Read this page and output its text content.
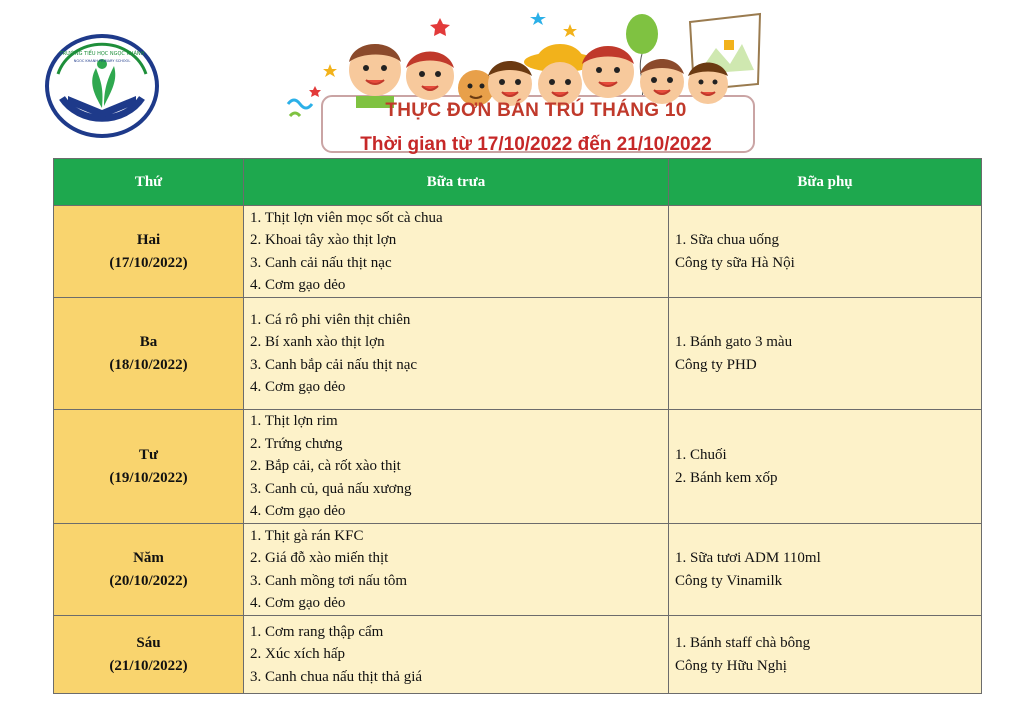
TRƯỜNG TIỂU HỌC NGỌC KHÁNH
NGOC KHANH PRIMARY SCHOOL
THỰC ĐƠN BÁN TRÚ THÁNG 10
Thời gian từ 17/10/2022 đến 21/10/2022
Thứ	Bữa trưa	Bữa phụ

Hai
(17/10/2022)	1. Thịt lợn viên mọc sốt cà chua
2. Khoai tây xào thịt lợn
3. Canh cải nấu thịt nạc
4. Cơm gạo dẻo	1. Sữa chua uống
Công ty sữa Hà Nội

Ba
(18/10/2022)	1. Cá rô phi viên thịt chiên
2. Bí xanh xào thịt lợn
3. Canh bắp cải nấu thịt nạc
4. Cơm gạo dẻo	1. Bánh gato 3 màu
Công ty PHD

Tư
(19/10/2022)	1. Thịt lợn rim
2. Trứng chưng
2. Bắp cải, cà rốt xào thịt
3. Canh củ, quả nấu xương
4. Cơm gạo dẻo	1. Chuối
2. Bánh kem xốp

Năm
(20/10/2022)	1. Thịt gà rán KFC
2. Giá đỗ xào miến thịt
3. Canh mồng tơi nấu tôm
4. Cơm gạo dẻo	1. Sữa tươi ADM 110ml
Công ty Vinamilk

Sáu
(21/10/2022)	1. Cơm rang thập cẩm
2. Xúc xích hấp
3. Canh chua nấu thịt thả giá	1. Bánh staff chà bông
Công ty Hữu Nghị
